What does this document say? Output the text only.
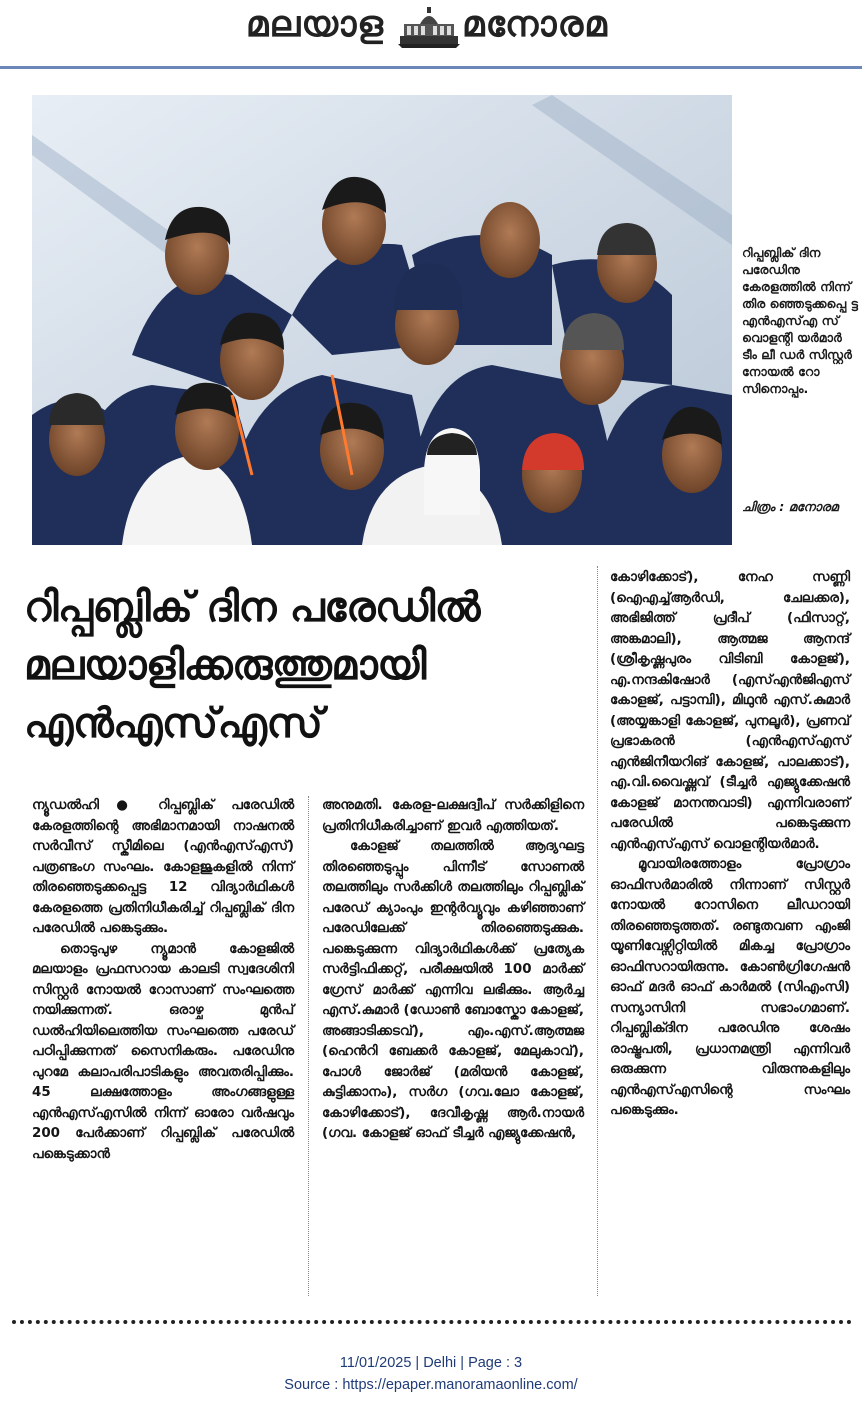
മലയാള മനോരമ
റിപ്പബ്ലിക് ദിന പരേഡിനു കേരളത്തിൽ നിന്ന് തിര ഞ്ഞെടുക്കപ്പെ ട്ട എൻഎസ്എ സ് വൊളന്റി യർമാർ ടീം ലീ ഡർ സിസ്റ്റർ നോയൽ റോ സിനൊപ്പം.
ചിത്രം : മനോരമ
റിപ്പബ്ലിക് ദിന പരേഡിൽ
മലയാളിക്കരുത്തുമായി
എൻഎസ്എസ്

ന്യൂഡൽഹി ● റിപ്പബ്ലിക് പരേഡിൽ കേരളത്തിന്റെ അഭിമാനമായി നാഷനൽ സർവീസ് സ്കീമിലെ (എൻഎസ്എസ്) പത്രണ്ടംഗ സംഘം. കോളജുകളിൽ നിന്ന് തിരഞ്ഞെടുക്കപ്പെട്ട 12 വിദ്യാർഥികൾ കേരളത്തെ പ്രതിനിധീകരിച്ച് റിപ്പബ്ലിക് ദിന പരേഡിൽ പങ്കെടുക്കും.

തൊടുപുഴ ന്യൂമാൻ കോളജിൽ മലയാളം പ്രഫസറായ കാലടി സ്വദേശിനി സിസ്റ്റർ നോയൽ റോസാണ് സംഘത്തെ നയിക്കുന്നത്. ഒരാഴ്ച മുൻപ് ഡൽഹിയിലെത്തിയ സംഘത്തെ പരേഡ് പഠിപ്പിക്കുന്നത് സൈനികരും. പരേഡിനു പുറമേ കലാപരിപാടികളും അവതരിപ്പിക്കും. 45 ലക്ഷത്തോളം അംഗങ്ങളുള്ള എൻഎസ്എസിൽ നിന്ന് ഓരോ വർഷവും 200 പേർക്കാണ് റിപ്പബ്ലിക് പരേഡിൽ പങ്കെടുക്കാൻ

അനുമതി. കേരള-ലക്ഷദ്വീപ് സർക്കിളിനെ പ്രതിനിധീകരിച്ചാണ് ഇവർ എത്തിയത്.

കോളജ് തലത്തിൽ ആദ്യഘട്ട തിരഞ്ഞെടുപ്പും പിന്നീട് സോണൽ തലത്തിലും സർക്കിൾ തലത്തിലും റിപ്പബ്ലിക് പരേഡ് ക്യാംപും ഇന്റർവ്യൂവും കഴിഞ്ഞാണ് പരേഡിലേക്ക് തിരഞ്ഞെടുക്കുക. പങ്കെടുക്കുന്ന വിദ്യാർഥികൾക്ക് പ്രത്യേക സർട്ടിഫിക്കറ്റ്, പരീക്ഷയിൽ 100 മാർക്ക് ഗ്രേസ് മാർക്ക് എന്നിവ ലഭിക്കും. ആർച്ച എസ്.കുമാർ (ഡോൺ ബോസ്കോ കോളജ്, അങ്ങാടിക്കടവ്), എം.എസ്.ആത്മജ (ഹെൻറി ബേക്കർ കോളജ്, മേലുകാവ്), പോൾ ജോർജ് (മരിയൻ കോളജ്, കുട്ടിക്കാനം), സർഗ (ഗവ.ലോ കോളജ്, കോഴിക്കോട്), ദേവീകൃഷ്ണ ആർ.നായർ (ഗവ. കോളജ് ഓഫ് ടീച്ചർ എജ്യുക്കേഷൻ,

കോഴിക്കോട്), നേഹ സണ്ണി (ഐഎച്ച്ആർഡി, ചേലക്കര), അഭിജിത്ത് പ്രദീപ് (ഫിസാറ്റ്, അങ്കമാലി), ആത്മജ ആനന്ദ് (ശ്രീകൃഷ്ണപുരം വിടിബി കോളജ്), എ.നന്ദകിഷോർ (എസ്എൻജിഎസ് കോളജ്, പട്ടാമ്പി), മിഥുൻ എസ്.കുമാർ (അയ്യങ്കാളി കോളജ്, പുനലൂർ), പ്രണവ് പ്രഭാകരൻ (എൻഎസ്എസ് എൻജിനീയറിങ് കോളജ്, പാലക്കാട്), എ.വി.വൈഷ്ണവ് (ടീച്ചർ എജ്യുക്കേഷൻ കോളജ് മാനന്തവാടി) എന്നിവരാണ് പരേഡിൽ പങ്കെടുക്കുന്ന എൻഎസ്എസ് വൊളന്റിയർമാർ.

മൂവായിരത്തോളം പ്രോഗ്രാം ഓഫിസർമാരിൽ നിന്നാണ് സിസ്റ്റർ നോയൽ റോസിനെ ലീഡറായി തിരഞ്ഞെടുത്തത്. രണ്ടുതവണ എംജി യൂണിവേഴ്സിറ്റിയിൽ മികച്ച പ്രോഗ്രാം ഓഫിസറായിരുന്നു. കോൺഗ്രിഗേഷൻ ഓഫ് മദർ ഓഫ് കാർമൽ (സിഎംസി) സന്യാസിനി സഭാംഗമാണ്. റിപ്പബ്ലിക്ദിന പരേഡിനു ശേഷം രാഷ്ട്രപതി, പ്രധാനമന്ത്രി എന്നിവർ ഒരുക്കുന്ന വിരുന്നുകളിലും എൻഎസ്എസിന്റെ സംഘം പങ്കെടുക്കും.

11/01/2025 | Delhi | Page : 3
Source : https://epaper.manoramaonline.com/
